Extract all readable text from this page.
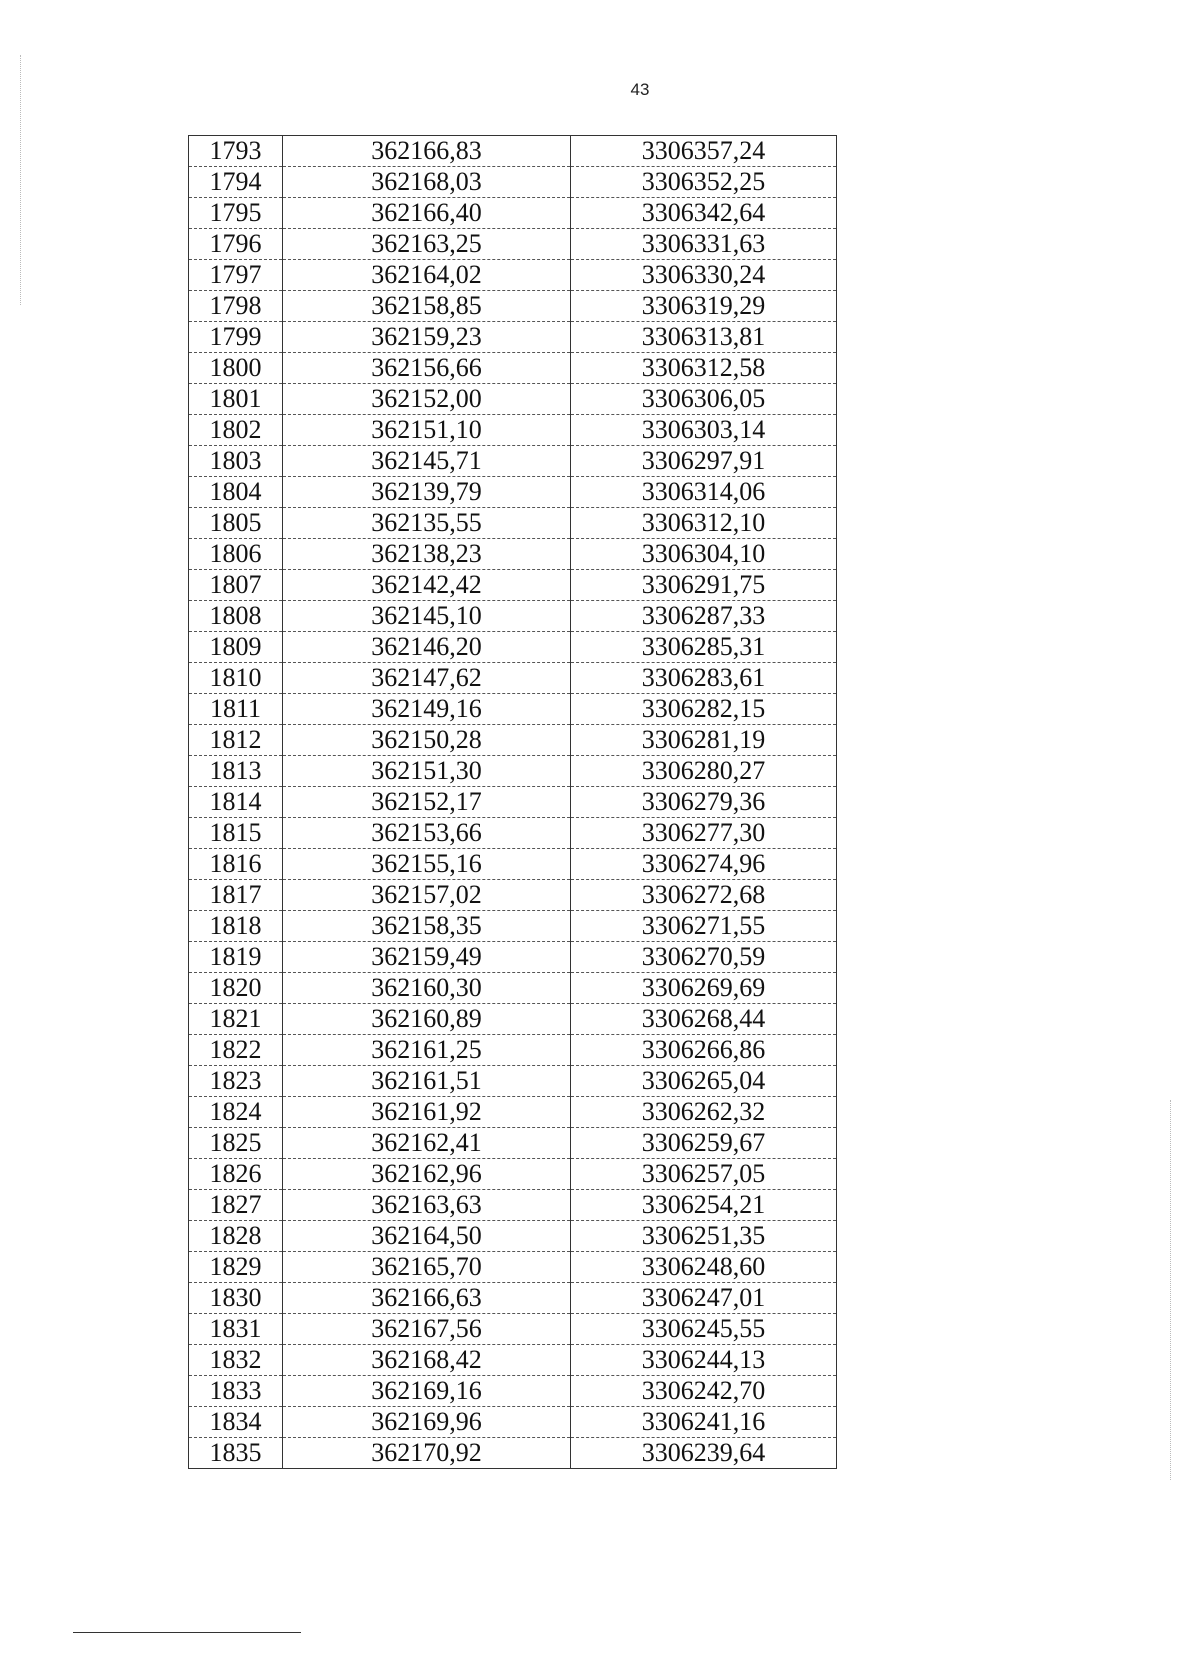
43
1793	362166,83	3306357,24
1794	362168,03	3306352,25
1795	362166,40	3306342,64
1796	362163,25	3306331,63
1797	362164,02	3306330,24
1798	362158,85	3306319,29
1799	362159,23	3306313,81
1800	362156,66	3306312,58
1801	362152,00	3306306,05
1802	362151,10	3306303,14
1803	362145,71	3306297,91
1804	362139,79	3306314,06
1805	362135,55	3306312,10
1806	362138,23	3306304,10
1807	362142,42	3306291,75
1808	362145,10	3306287,33
1809	362146,20	3306285,31
1810	362147,62	3306283,61
1811	362149,16	3306282,15
1812	362150,28	3306281,19
1813	362151,30	3306280,27
1814	362152,17	3306279,36
1815	362153,66	3306277,30
1816	362155,16	3306274,96
1817	362157,02	3306272,68
1818	362158,35	3306271,55
1819	362159,49	3306270,59
1820	362160,30	3306269,69
1821	362160,89	3306268,44
1822	362161,25	3306266,86
1823	362161,51	3306265,04
1824	362161,92	3306262,32
1825	362162,41	3306259,67
1826	362162,96	3306257,05
1827	362163,63	3306254,21
1828	362164,50	3306251,35
1829	362165,70	3306248,60
1830	362166,63	3306247,01
1831	362167,56	3306245,55
1832	362168,42	3306244,13
1833	362169,16	3306242,70
1834	362169,96	3306241,16
1835	362170,92	3306239,64
